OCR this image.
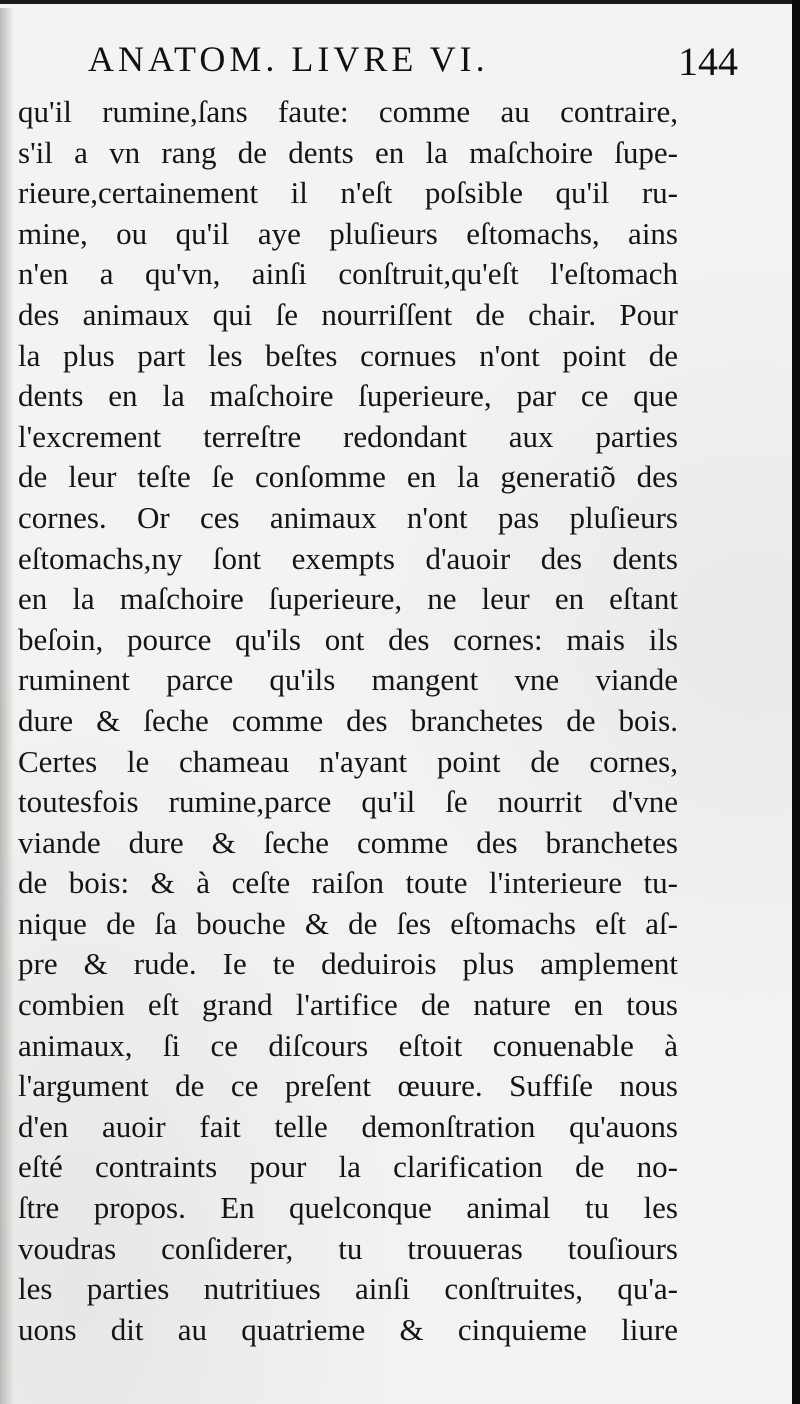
ANATOM. LIVRE VI.	144
qu'il rumine,ſans faute: comme au contraire,
s'il a vn rang de dents en la maſchoire ſupe-
rieure,certainement il n'eſt poſsible qu'il ru-
mine, ou qu'il aye pluſieurs eſtomachs, ains
n'en a qu'vn, ainſi conſtruit,qu'eſt l'eſtomach
des animaux qui ſe nourriſſent de chair. Pour
la plus part les beſtes cornues n'ont point de
dents en la maſchoire ſuperieure, par ce que
l'excrement terreſtre redondant aux parties
de leur teſte ſe conſomme en la generatiõ des
cornes. Or ces animaux n'ont pas pluſieurs
eſtomachs,ny ſont exempts d'auoir des dents
en la maſchoire ſuperieure, ne leur en eſtant
beſoin, pource qu'ils ont des cornes: mais ils
ruminent parce qu'ils mangent vne viande
dure & ſeche comme des branchetes de bois.
Certes le chameau n'ayant point de cornes,
toutesfois rumine,parce qu'il ſe nourrit d'vne
viande dure & ſeche comme des branchetes
de bois: & à ceſte raiſon toute l'interieure tu-
nique de ſa bouche & de ſes eſtomachs eſt aſ-
pre & rude. Ie te deduirois plus amplement
combien eſt grand l'artifice de nature en tous
animaux, ſi ce diſcours eſtoit conuenable à
l'argument de ce preſent œuure. Suffiſe nous
d'en auoir fait telle demonſtration qu'auons
eſté contraints pour la clarification de no-
ſtre propos. En quelconque animal tu les
voudras conſiderer, tu trouueras touſiours
les parties nutritiues ainſi conſtruites, qu'a-
uons dit au quatrieme & cinquieme liure
